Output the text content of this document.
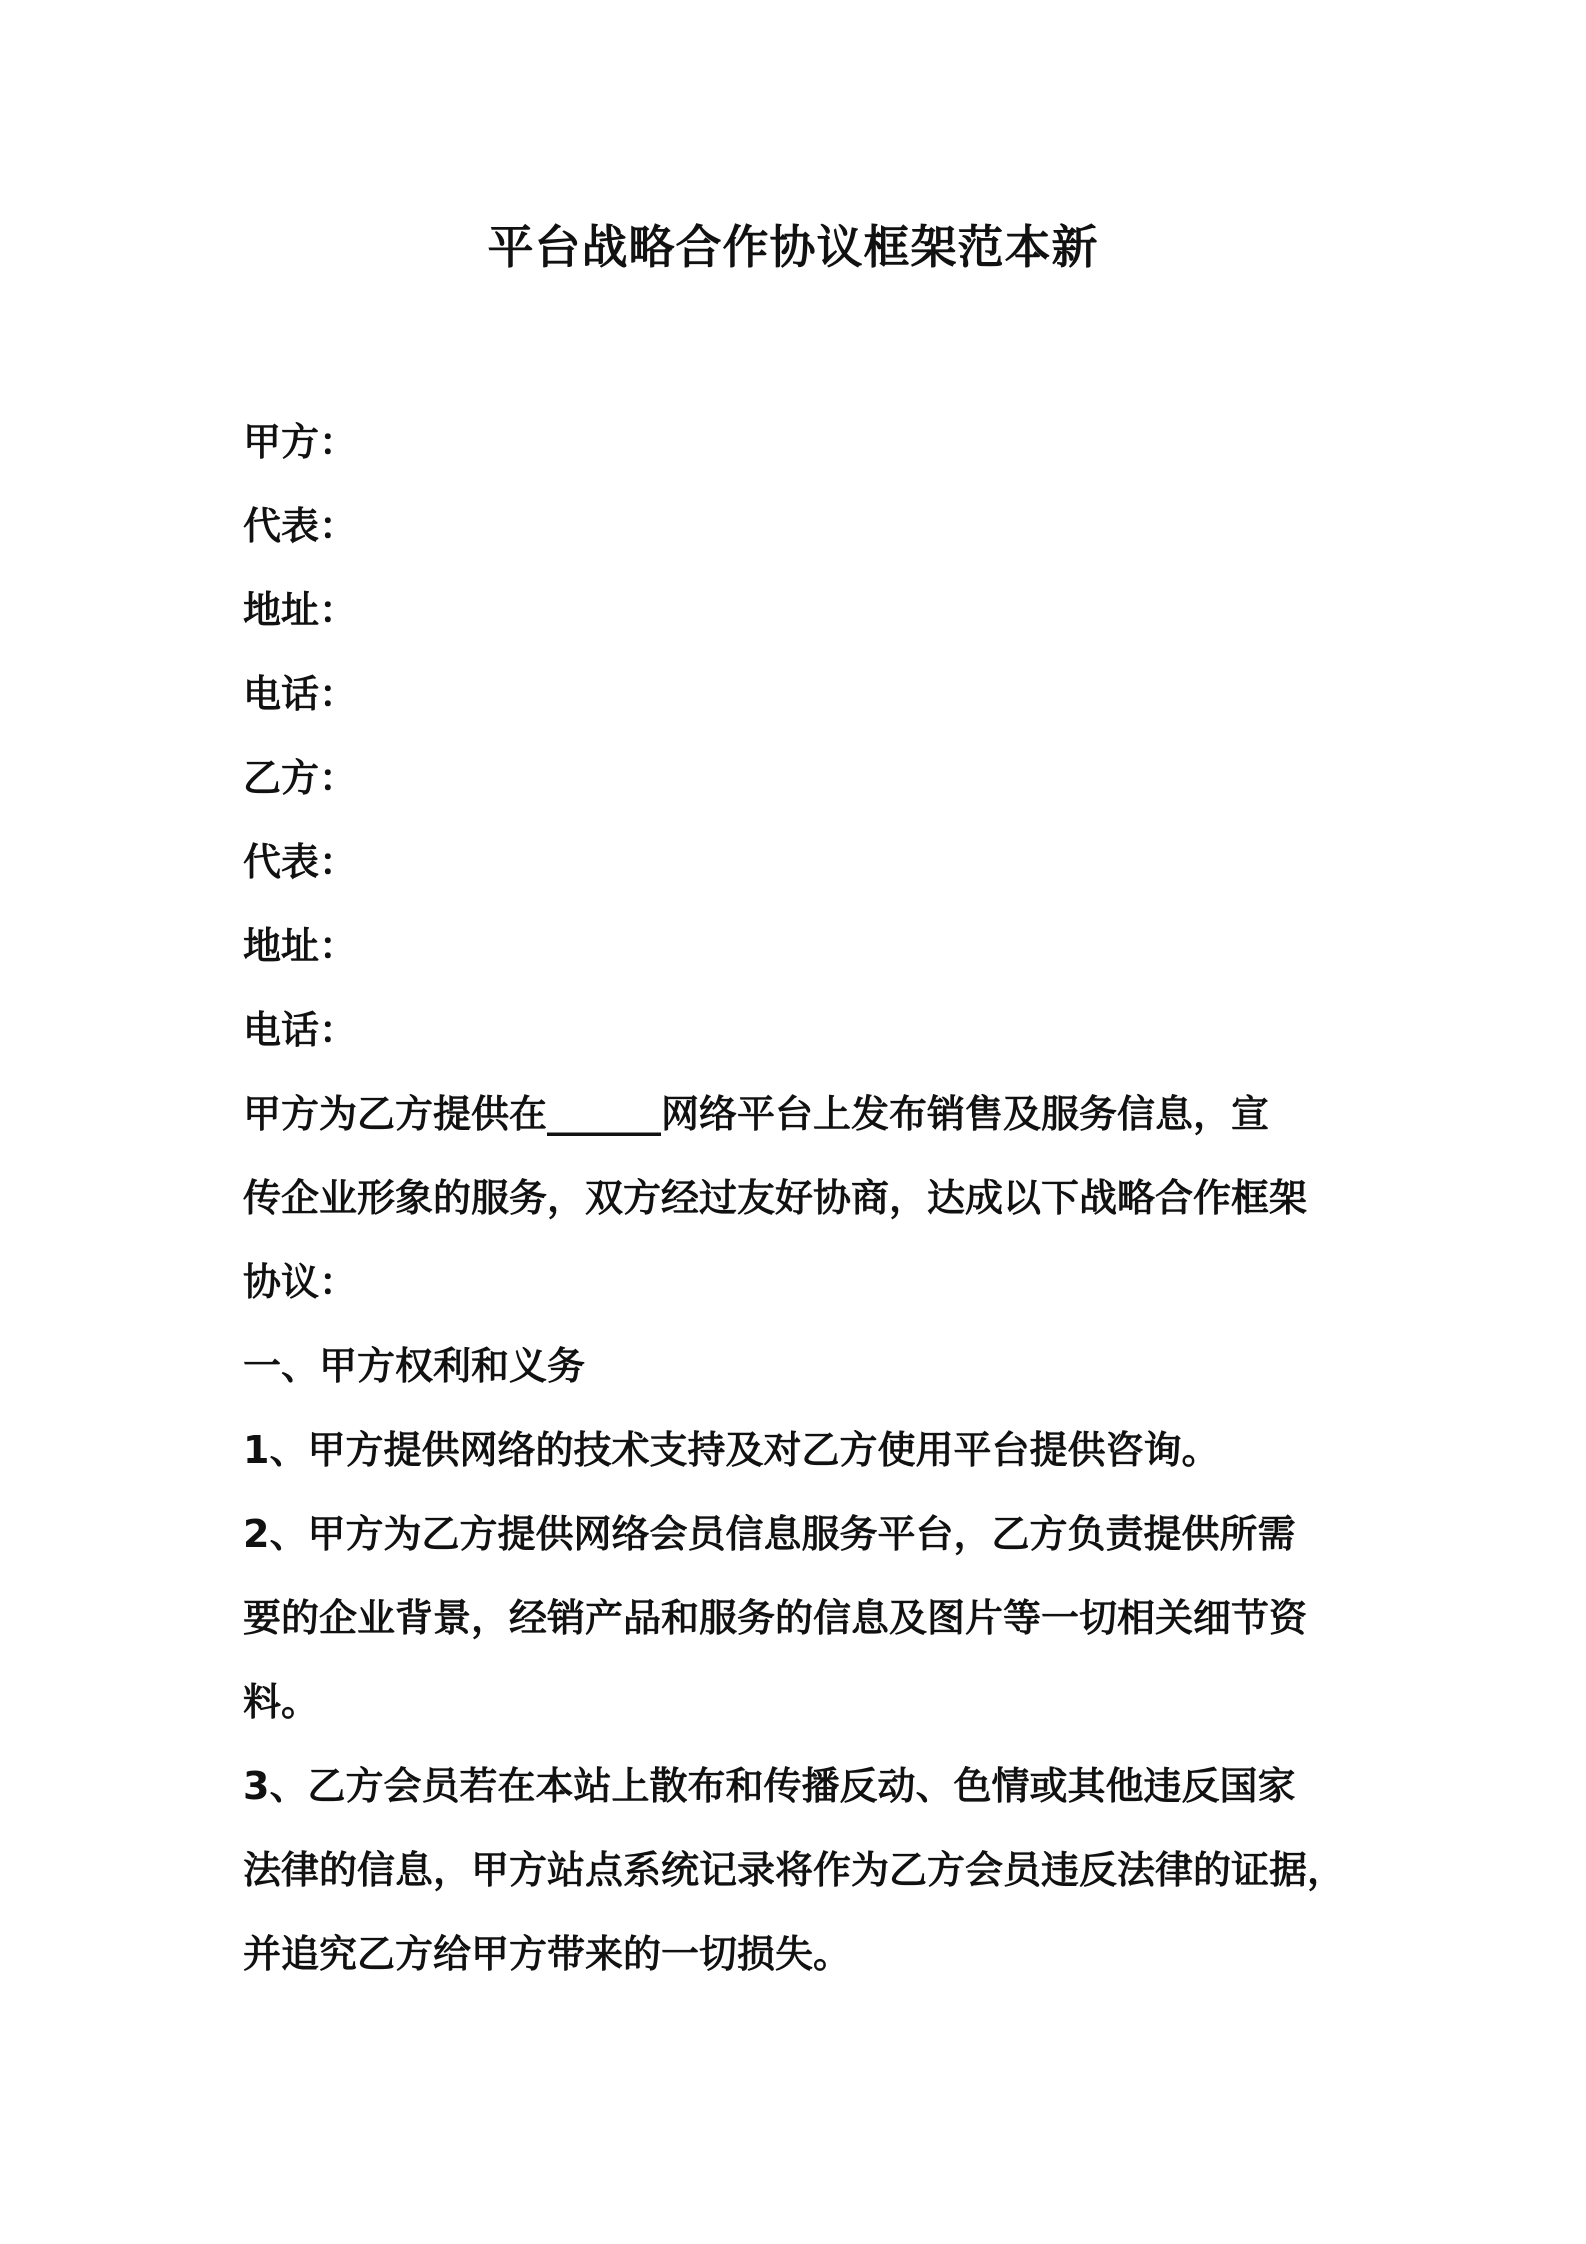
平台战略合作协议框架范本新
甲方：
代表：
地址：
电话：
乙方：
代表：
地址：
电话：
甲方为乙方提供在______网络平台上发布销售及服务信息，宣
传企业形象的服务，双方经过友好协商，达成以下战略合作框架
协议：
一、甲方权利和义务
1、甲方提供网络的技术支持及对乙方使用平台提供咨询。
2、甲方为乙方提供网络会员信息服务平台，乙方负责提供所需
要的企业背景，经销产品和服务的信息及图片等一切相关细节资
料。
3、乙方会员若在本站上散布和传播反动、色情或其他违反国家
法律的信息，甲方站点系统记录将作为乙方会员违反法律的证据，
并追究乙方给甲方带来的一切损失。
